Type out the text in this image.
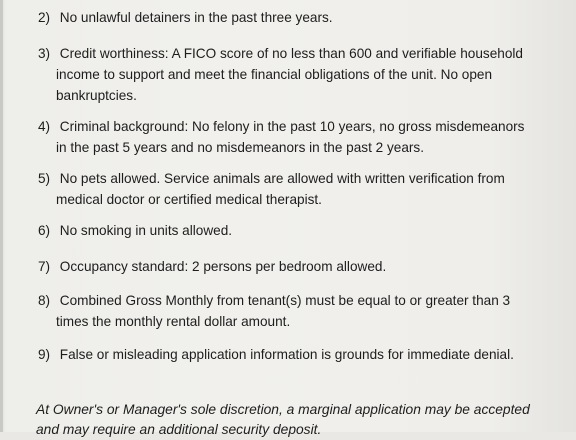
2) No unlawful detainers in the past three years.
3) Credit worthiness: A FICO score of no less than 600 and verifiable household
income to support and meet the financial obligations of the unit. No open
bankruptcies.
4) Criminal background: No felony in the past 10 years, no gross misdemeanors
in the past 5 years and no misdemeanors in the past 2 years.
5) No pets allowed. Service animals are allowed with written verification from
medical doctor or certified medical therapist.
6) No smoking in units allowed.
7) Occupancy standard: 2 persons per bedroom allowed.
8) Combined Gross Monthly from tenant(s) must be equal to or greater than 3
times the monthly rental dollar amount.
9) False or misleading application information is grounds for immediate denial.
At Owner's or Manager's sole discretion, a marginal application may be accepted
and may require an additional security deposit.
